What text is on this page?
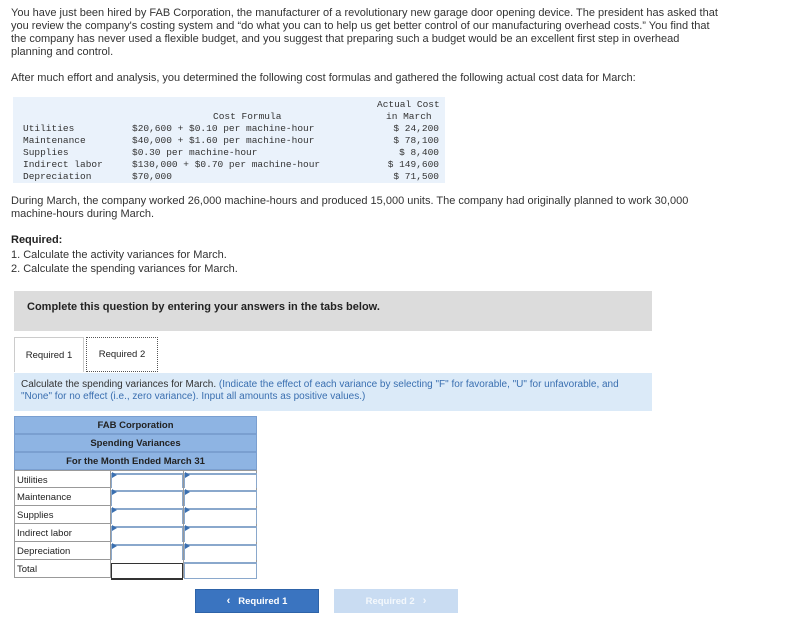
You have just been hired by FAB Corporation, the manufacturer of a revolutionary new garage door opening device. The president has asked that you review the company's costing system and “do what you can to help us get better control of our manufacturing overhead costs.” You find that the company has never used a flexible budget, and you suggest that preparing such a budget would be an excellent first step in overhead planning and control.
After much effort and analysis, you determined the following cost formulas and gathered the following actual cost data for March:
Actual Cost
Cost Formula	in March
Utilities	$20,600 + $0.10 per machine-hour	$ 24,200
Maintenance	$40,000 + $1.60 per machine-hour	$ 78,100
Supplies	$0.30 per machine-hour	$ 8,400
Indirect labor	$130,000 + $0.70 per machine-hour	$ 149,600
Depreciation	$70,000	$ 71,500
During March, the company worked 26,000 machine-hours and produced 15,000 units. The company had originally planned to work 30,000 machine-hours during March.
Required:
1. Calculate the activity variances for March.
2. Calculate the spending variances for March.
Complete this question by entering your answers in the tabs below.
Required 1	Required 2
Calculate the spending variances for March. (Indicate the effect of each variance by selecting "F" for favorable, "U" for unfavorable, and "None" for no effect (i.e., zero variance). Input all amounts as positive values.)
FAB Corporation
Spending Variances
For the Month Ended March 31
Utilities
Maintenance
Supplies
Indirect labor
Depreciation
Total
‹ Required 1	Required 2 ›
